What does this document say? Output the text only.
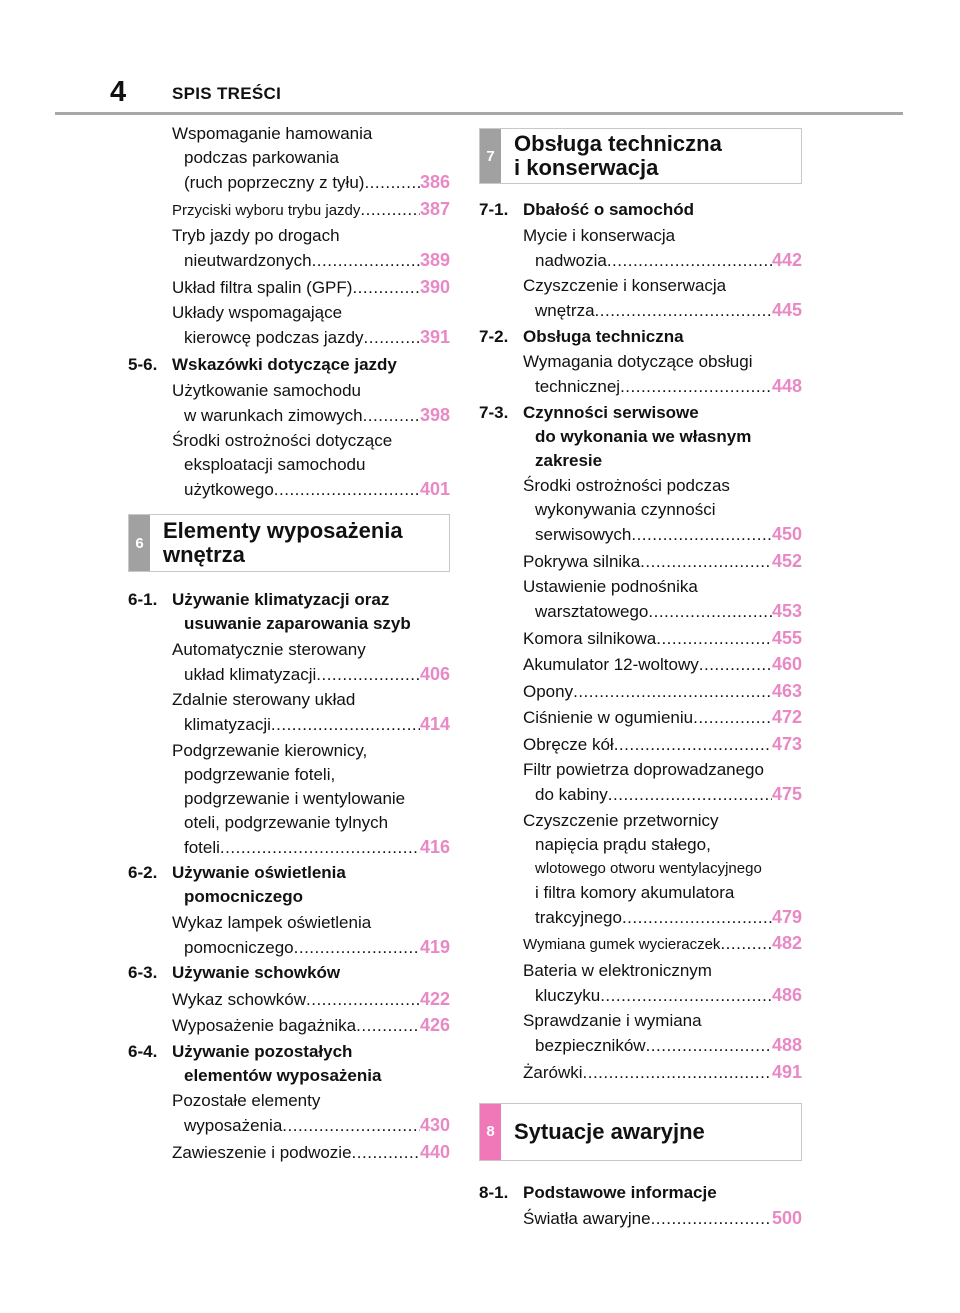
4	SPIS TREŚCI
Wspomaganie hamowania
podczas parkowania
(ruch poprzeczny z tyłu) .....	386
Przyciski wyboru trybu jazdy .....	387
Tryb jazdy po drogach
nieutwardzonych .....	389
Układ filtra spalin (GPF) .....	390
Układy wspomagające
kierowcę podczas jazdy .....	391
5-6. Wskazówki dotyczące jazdy
Użytkowanie samochodu
w warunkach zimowych .....	398
Środki ostrożności dotyczące
eksploatacji samochodu
użytkowego .....	401
6 Elementy wyposażenia
wnętrza
6-1. Używanie klimatyzacji oraz
usuwanie zaparowania szyb
Automatycznie sterowany
układ klimatyzacji .....	406
Zdalnie sterowany układ
klimatyzacji .....	414
Podgrzewanie kierownicy,
podgrzewanie foteli,
podgrzewanie i wentylowanie
oteli, podgrzewanie tylnych
foteli .....	416
6-2. Używanie oświetlenia
pomocniczego
Wykaz lampek oświetlenia
pomocniczego .....	419
6-3. Używanie schowków
Wykaz schowków .....	422
Wyposażenie bagażnika .....	426
6-4. Używanie pozostałych
elementów wyposażenia
Pozostałe elementy
wyposażenia .....	430
Zawieszenie i podwozie .....	440
7 Obsługa techniczna
i konserwacja
7-1. Dbałość o samochód
Mycie i konserwacja
nadwozia .....	442
Czyszczenie i konserwacja
wnętrza .....	445
7-2. Obsługa techniczna
Wymagania dotyczące obsługi
technicznej .....	448
7-3. Czynności serwisowe
do wykonania we własnym
zakresie
Środki ostrożności podczas
wykonywania czynności
serwisowych .....	450
Pokrywa silnika .....	452
Ustawienie podnośnika
warsztatowego .....	453
Komora silnikowa .....	455
Akumulator 12-woltowy .....	460
Opony .....	463
Ciśnienie w ogumieniu .....	472
Obręcze kół .....	473
Filtr powietrza doprowadzanego
do kabiny .....	475
Czyszczenie przetwornicy
napięcia prądu stałego,
wlotowego otworu wentylacyjnego
i filtra komory akumulatora
trakcyjnego .....	479
Wymiana gumek wycieraczek .....	482
Bateria w elektronicznym
kluczyku .....	486
Sprawdzanie i wymiana
bezpieczników .....	488
Żarówki .....	491
8 Sytuacje awaryjne
8-1. Podstawowe informacje
Światła awaryjne .....	500
